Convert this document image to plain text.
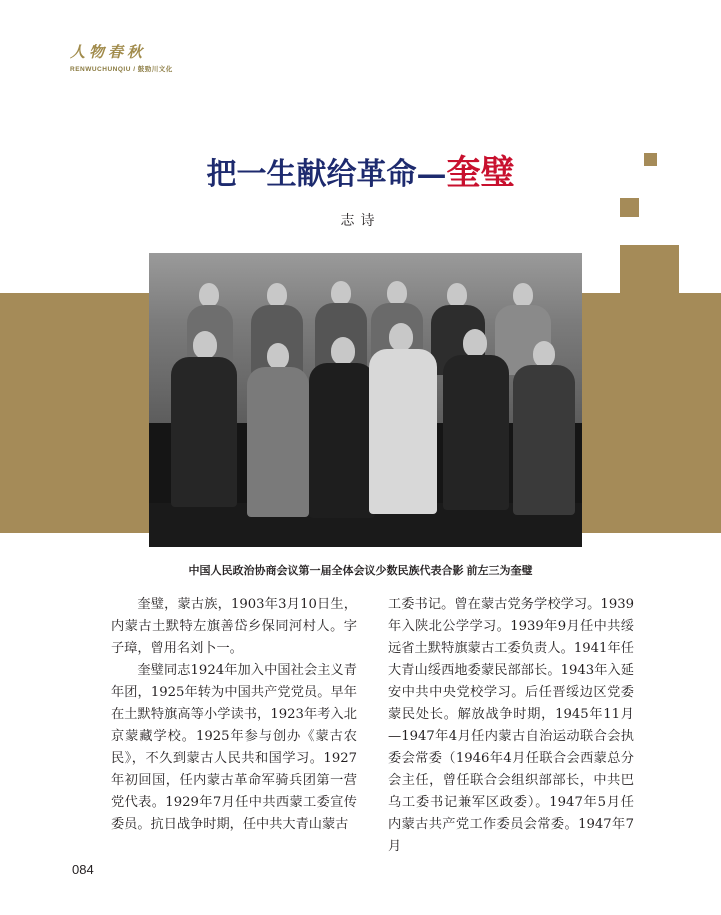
人物春秋
RENWUCHUNQIU / 鼓勁川文化
把一生献给革命—奎璧
志诗
中国人民政治协商会议第一届全体会议少数民族代表合影 前左三为奎璧

奎璧，蒙古族，1903年3月10日生，内蒙古土默特左旗善岱乡保同河村人。字子璋，曾用名刘卜一。

奎璧同志1924年加入中国社会主义青年团，1925年转为中国共产党党员。早年在土默特旗高等小学读书，1923年考入北京蒙藏学校。1925年参与创办《蒙古农民》，不久到蒙古人民共和国学习。1927年初回国，任内蒙古革命军骑兵团第一营党代表。1929年7月任中共西蒙工委宣传委员。抗日战争时期，任中共大青山蒙古

工委书记。曾在蒙古党务学校学习。1939年入陕北公学学习。1939年9月任中共绥远省土默特旗蒙古工委负责人。1941年任大青山绥西地委蒙民部部长。1943年入延安中共中央党校学习。后任晋绥边区党委蒙民处长。解放战争时期，1945年11月—1947年4月任内蒙古自治运动联合会执委会常委（1946年4月任联合会西蒙总分会主任，曾任联合会组织部部长，中共巴乌工委书记兼军区政委）。1947年5月任内蒙古共产党工作委员会常委。1947年7月

084
